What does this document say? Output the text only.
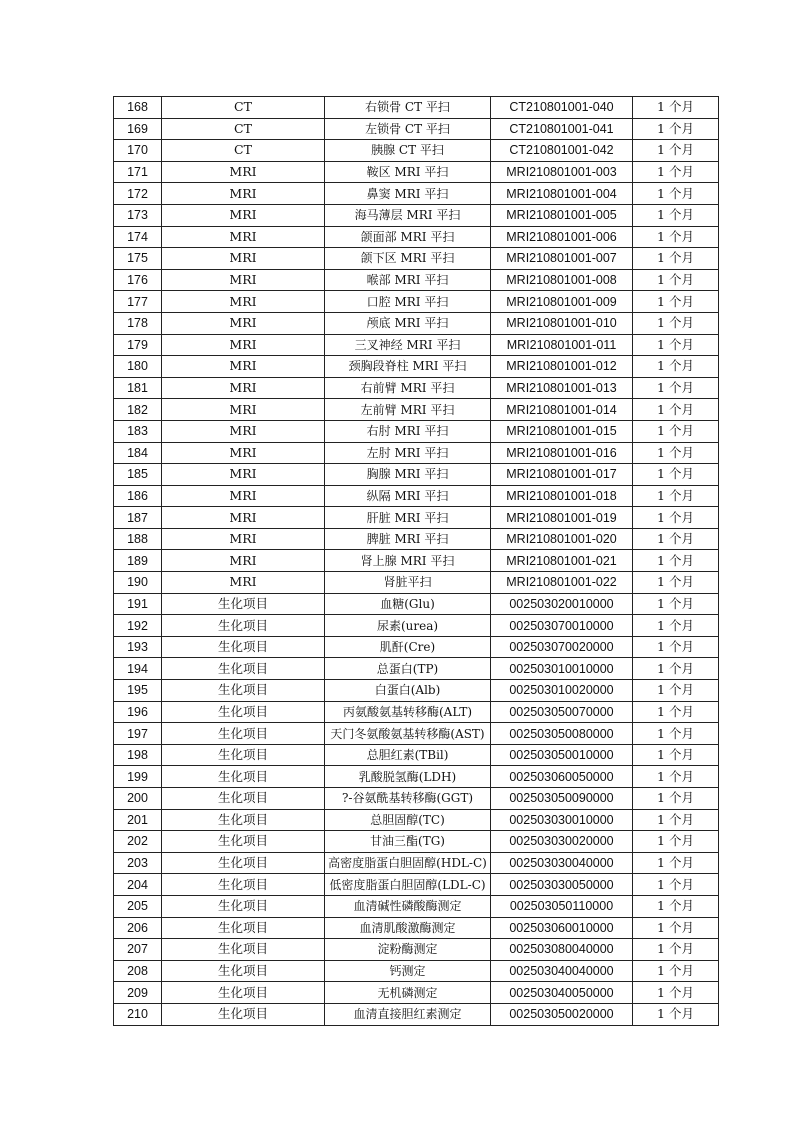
168	CT	右锁骨 CT 平扫	CT210801001-040	1 个月
169	CT	左锁骨 CT 平扫	CT210801001-041	1 个月
170	CT	胰腺 CT 平扫	CT210801001-042	1 个月
171	MRI	鞍区 MRI 平扫	MRI210801001-003	1 个月
172	MRI	鼻窦 MRI 平扫	MRI210801001-004	1 个月
173	MRI	海马薄层 MRI 平扫	MRI210801001-005	1 个月
174	MRI	颌面部 MRI 平扫	MRI210801001-006	1 个月
175	MRI	颌下区 MRI 平扫	MRI210801001-007	1 个月
176	MRI	喉部 MRI 平扫	MRI210801001-008	1 个月
177	MRI	口腔 MRI 平扫	MRI210801001-009	1 个月
178	MRI	颅底 MRI 平扫	MRI210801001-010	1 个月
179	MRI	三叉神经 MRI 平扫	MRI210801001-011	1 个月
180	MRI	颈胸段脊柱 MRI 平扫	MRI210801001-012	1 个月
181	MRI	右前臂 MRI 平扫	MRI210801001-013	1 个月
182	MRI	左前臂 MRI 平扫	MRI210801001-014	1 个月
183	MRI	右肘 MRI 平扫	MRI210801001-015	1 个月
184	MRI	左肘 MRI 平扫	MRI210801001-016	1 个月
185	MRI	胸腺 MRI 平扫	MRI210801001-017	1 个月
186	MRI	纵隔 MRI 平扫	MRI210801001-018	1 个月
187	MRI	肝脏 MRI 平扫	MRI210801001-019	1 个月
188	MRI	脾脏 MRI 平扫	MRI210801001-020	1 个月
189	MRI	肾上腺 MRI 平扫	MRI210801001-021	1 个月
190	MRI	肾脏平扫	MRI210801001-022	1 个月
191	生化项目	血糖(Glu)	002503020010000	1 个月
192	生化项目	尿素(urea)	002503070010000	1 个月
193	生化项目	肌酐(Cre)	002503070020000	1 个月
194	生化项目	总蛋白(TP)	002503010010000	1 个月
195	生化项目	白蛋白(Alb)	002503010020000	1 个月
196	生化项目	丙氨酸氨基转移酶(ALT)	002503050070000	1 个月
197	生化项目	天门冬氨酸氨基转移酶(AST)	002503050080000	1 个月
198	生化项目	总胆红素(TBil)	002503050010000	1 个月
199	生化项目	乳酸脱氢酶(LDH)	002503060050000	1 个月
200	生化项目	?-谷氨酰基转移酶(GGT)	002503050090000	1 个月
201	生化项目	总胆固醇(TC)	002503030010000	1 个月
202	生化项目	甘油三酯(TG)	002503030020000	1 个月
203	生化项目	高密度脂蛋白胆固醇(HDL-C)	002503030040000	1 个月
204	生化项目	低密度脂蛋白胆固醇(LDL-C)	002503030050000	1 个月
205	生化项目	血清碱性磷酸酶测定	002503050110000	1 个月
206	生化项目	血清肌酸激酶测定	002503060010000	1 个月
207	生化项目	淀粉酶测定	002503080040000	1 个月
208	生化项目	钙测定	002503040040000	1 个月
209	生化项目	无机磷测定	002503040050000	1 个月
210	生化项目	血清直接胆红素测定	002503050020000	1 个月
